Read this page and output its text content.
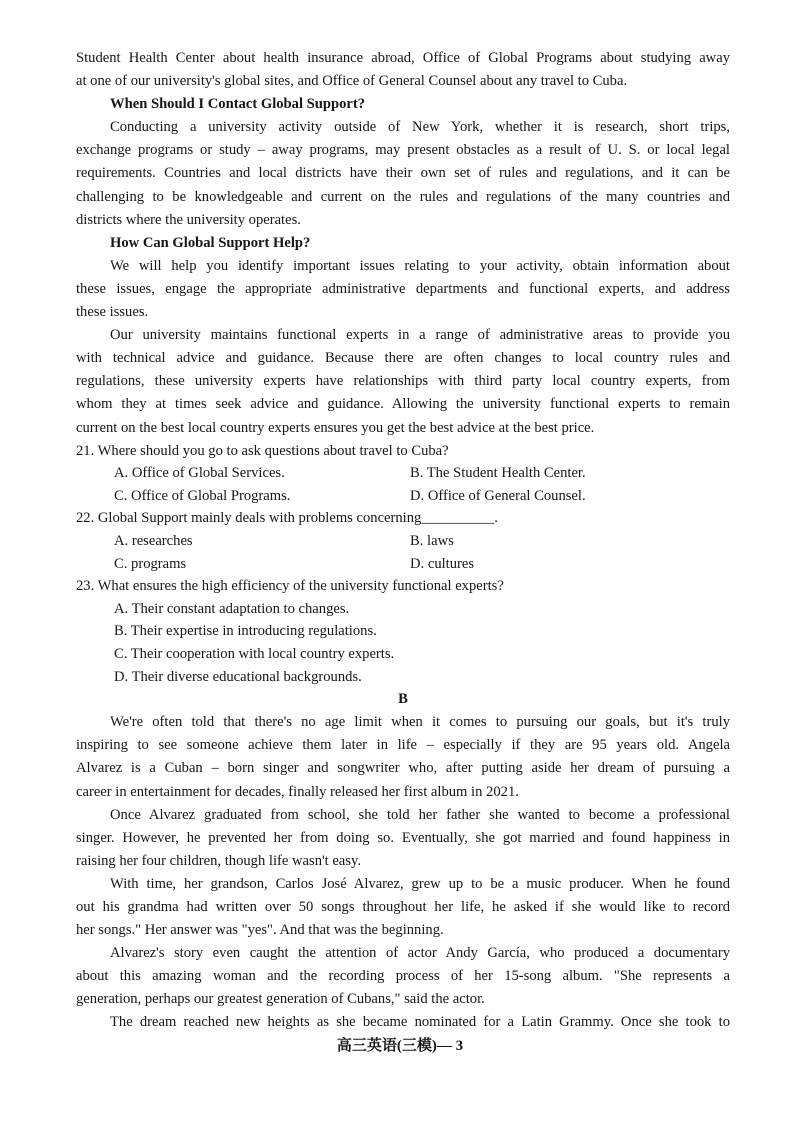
Student Health Center about health insurance abroad, Office of Global Programs about studying away
at one of our university's global sites, and Office of General Counsel about any travel to Cuba.
When Should I Contact Global Support?
Conducting a university activity outside of New York, whether it is research, short trips,
exchange programs or study – away programs, may present obstacles as a result of U. S. or local legal
requirements. Countries and local districts have their own set of rules and regulations, and it can be
challenging to be knowledgeable and current on the rules and regulations of the many countries and
districts where the university operates.
How Can Global Support Help?
We will help you identify important issues relating to your activity, obtain information about
these issues, engage the appropriate administrative departments and functional experts, and address
these issues.
Our university maintains functional experts in a range of administrative areas to provide you
with technical advice and guidance. Because there are often changes to local country rules and
regulations, these university experts have relationships with third party local country experts, from
whom they at times seek advice and guidance. Allowing the university functional experts to remain
current on the best local country experts ensures you get the best advice at the best price.
21. Where should you go to ask questions about travel to Cuba?
A. Office of Global Services.	B. The Student Health Center.
C. Office of Global Programs.	D. Office of General Counsel.
22. Global Support mainly deals with problems concerning__________.
A. researches	B. laws
C. programs	D. cultures
23. What ensures the high efficiency of the university functional experts?
A. Their constant adaptation to changes.
B. Their expertise in introducing regulations.
C. Their cooperation with local country experts.
D. Their diverse educational backgrounds.
B
We're often told that there's no age limit when it comes to pursuing our goals, but it's truly
inspiring to see someone achieve them later in life – especially if they are 95 years old. Angela
Alvarez is a Cuban – born singer and songwriter who, after putting aside her dream of pursuing a
career in entertainment for decades, finally released her first album in 2021.
Once Alvarez graduated from school, she told her father she wanted to become a professional
singer. However, he prevented her from doing so. Eventually, she got married and found happiness in
raising her four children, though life wasn't easy.
With time, her grandson, Carlos José Alvarez, grew up to be a music producer. When he found
out his grandma had written over 50 songs throughout her life, he asked if she would like to record
her songs." Her answer was "yes". And that was the beginning.
Alvarez's story even caught the attention of actor Andy García, who produced a documentary
about this amazing woman and the recording process of her 15-song album. "She represents a
generation, perhaps our greatest generation of Cubans," said the actor.
The dream reached new heights as she became nominated for a Latin Grammy. Once she took to
高三英语(三模)— 3
